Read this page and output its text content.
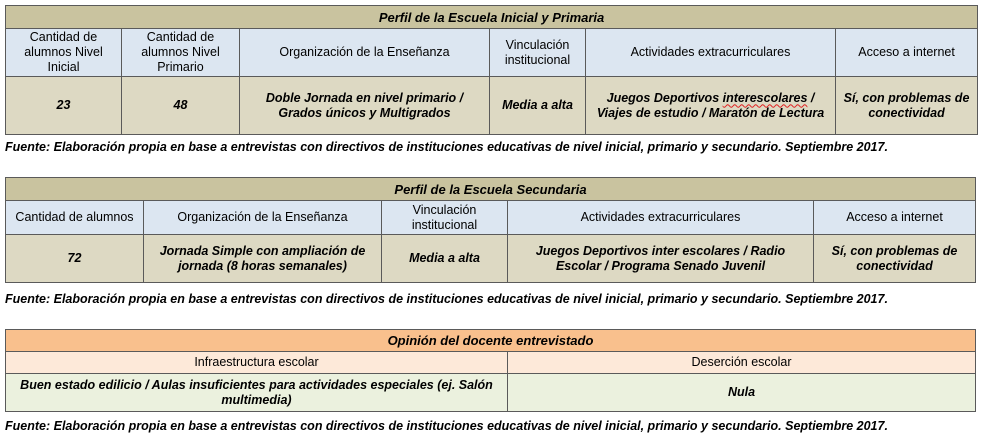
Perfil de la Escuela Inicial y Primaria					
Cantidad de alumnos Nivel Inicial	Cantidad de alumnos Nivel Primario	Organización de la Enseñanza	Vinculación institucional	Actividades extracurriculares	Acceso a internet
23	48	Doble Jornada en nivel primario / Grados únicos y Multigrados	Media a alta	Juegos Deportivos interescolares / Viajes de estudio / Maratón de Lectura	Sí, con problemas de conectividad
Fuente: Elaboración propia en base a entrevistas con directivos de instituciones educativas de nivel inicial, primario y secundario. Septiembre 2017.
Perfil de la Escuela Secundaria				
Cantidad de alumnos	Organización de la Enseñanza	Vinculación institucional	Actividades extracurriculares	Acceso a internet
72	Jornada Simple con ampliación de jornada (8 horas semanales)	Media a alta	Juegos Deportivos inter escolares / Radio Escolar / Programa Senado Juvenil	Sí, con problemas de conectividad
Fuente: Elaboración propia en base a entrevistas con directivos de instituciones educativas de nivel inicial, primario y secundario. Septiembre 2017.
Opinión del docente entrevistado	
Infraestructura escolar	Deserción escolar
Buen estado edilicio / Aulas insuficientes para actividades especiales (ej. Salón multimedia)	Nula
Fuente: Elaboración propia en base a entrevistas con directivos de instituciones educativas de nivel inicial, primario y secundario. Septiembre 2017.
